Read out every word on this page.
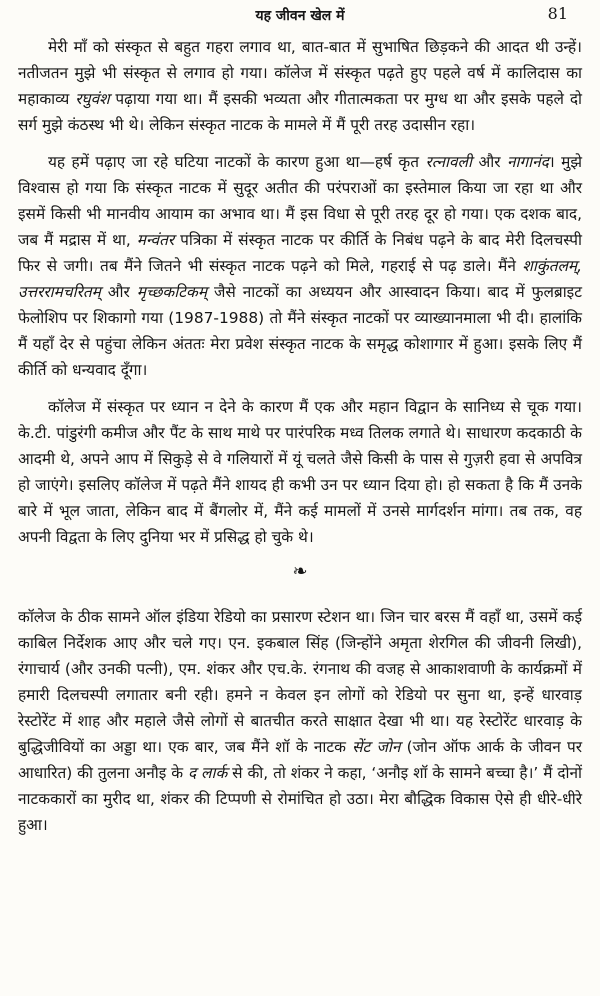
यह जीवन खेल में	81

मेरी माँ को संस्कृत से बहुत गहरा लगाव था, बात-बात में सुभाषित छिड़कने की आदत थी उन्हें। नतीजतन मुझे भी संस्कृत से लगाव हो गया। कॉलेज में संस्कृत पढ़ते हुए पहले वर्ष में कालिदास का महाकाव्य रघुवंश पढ़ाया गया था। मैं इसकी भव्यता और गीतात्मकता पर मुग्ध था और इसके पहले दो सर्ग मुझे कंठस्थ भी थे। लेकिन संस्कृत नाटक के मामले में मैं पूरी तरह उदासीन रहा।

यह हमें पढ़ाए जा रहे घटिया नाटकों के कारण हुआ था—हर्ष कृत रत्नावली और नागानंद। मुझे विश्वास हो गया कि संस्कृत नाटक में सुदूर अतीत की परंपराओं का इस्तेमाल किया जा रहा था और इसमें किसी भी मानवीय आयाम का अभाव था। मैं इस विधा से पूरी तरह दूर हो गया। एक दशक बाद, जब मैं मद्रास में था, मन्वंतर पत्रिका में संस्कृत नाटक पर कीर्ति के निबंध पढ़ने के बाद मेरी दिलचस्पी फिर से जगी। तब मैंने जितने भी संस्कृत नाटक पढ़ने को मिले, गहराई से पढ़ डाले। मैंने शाकुंतलम्, उत्तररामचरितम् और मृच्छकटिकम् जैसे नाटकों का अध्ययन और आस्वादन किया। बाद में फुलब्राइट फेलोशिप पर शिकागो गया (1987-1988) तो मैंने संस्कृत नाटकों पर व्याख्यानमाला भी दी। हालांकि मैं यहाँ देर से पहुंचा लेकिन अंततः मेरा प्रवेश संस्कृत नाटक के समृद्ध कोशागार में हुआ। इसके लिए मैं कीर्ति को धन्यवाद दूँगा।

कॉलेज में संस्कृत पर ध्यान न देने के कारण मैं एक और महान विद्वान के सानिध्य से चूक गया। के.टी. पांडुरंगी कमीज और पैंट के साथ माथे पर पारंपरिक मध्व तिलक लगाते थे। साधारण कदकाठी के आदमी थे, अपने आप में सिकुड़े से वे गलियारों में यूं चलते जैसे किसी के पास से गुज़री हवा से अपवित्र हो जाएंगे। इसलिए कॉलेज में पढ़ते मैंने शायद ही कभी उन पर ध्यान दिया हो। हो सकता है कि मैं उनके बारे में भूल जाता, लेकिन बाद में बैंगलोर में, मैंने कई मामलों में उनसे मार्गदर्शन मांगा। तब तक, वह अपनी विद्वता के लिए दुनिया भर में प्रसिद्ध हो चुके थे।

❧

कॉलेज के ठीक सामने ऑल इंडिया रेडियो का प्रसारण स्टेशन था। जिन चार बरस मैं वहाँ था, उसमें कई काबिल निर्देशक आए और चले गए। एन. इकबाल सिंह (जिन्होंने अमृता शेरगिल की जीवनी लिखी), रंगाचार्य (और उनकी पत्नी), एम. शंकर और एच.के. रंगनाथ की वजह से आकाशवाणी के कार्यक्रमों में हमारी दिलचस्पी लगातार बनी रही। हमने न केवल इन लोगों को रेडियो पर सुना था, इन्हें धारवाड़ रेस्टोरेंट में शाह और महाले जैसे लोगों से बातचीत करते साक्षात देखा भी था। यह रेस्टोरेंट धारवाड़ के बुद्धिजीवियों का अड्डा था। एक बार, जब मैंने शॉ के नाटक सेंट जोन (जोन ऑफ आर्क के जीवन पर आधारित) की तुलना अनौइ के द लार्क से की, तो शंकर ने कहा, ‘अनौइ शॉ के सामने बच्चा है।’ मैं दोनों नाटककारों का मुरीद था, शंकर की टिप्पणी से रोमांचित हो उठा। मेरा बौद्धिक विकास ऐसे ही धीरे-धीरे हुआ।
